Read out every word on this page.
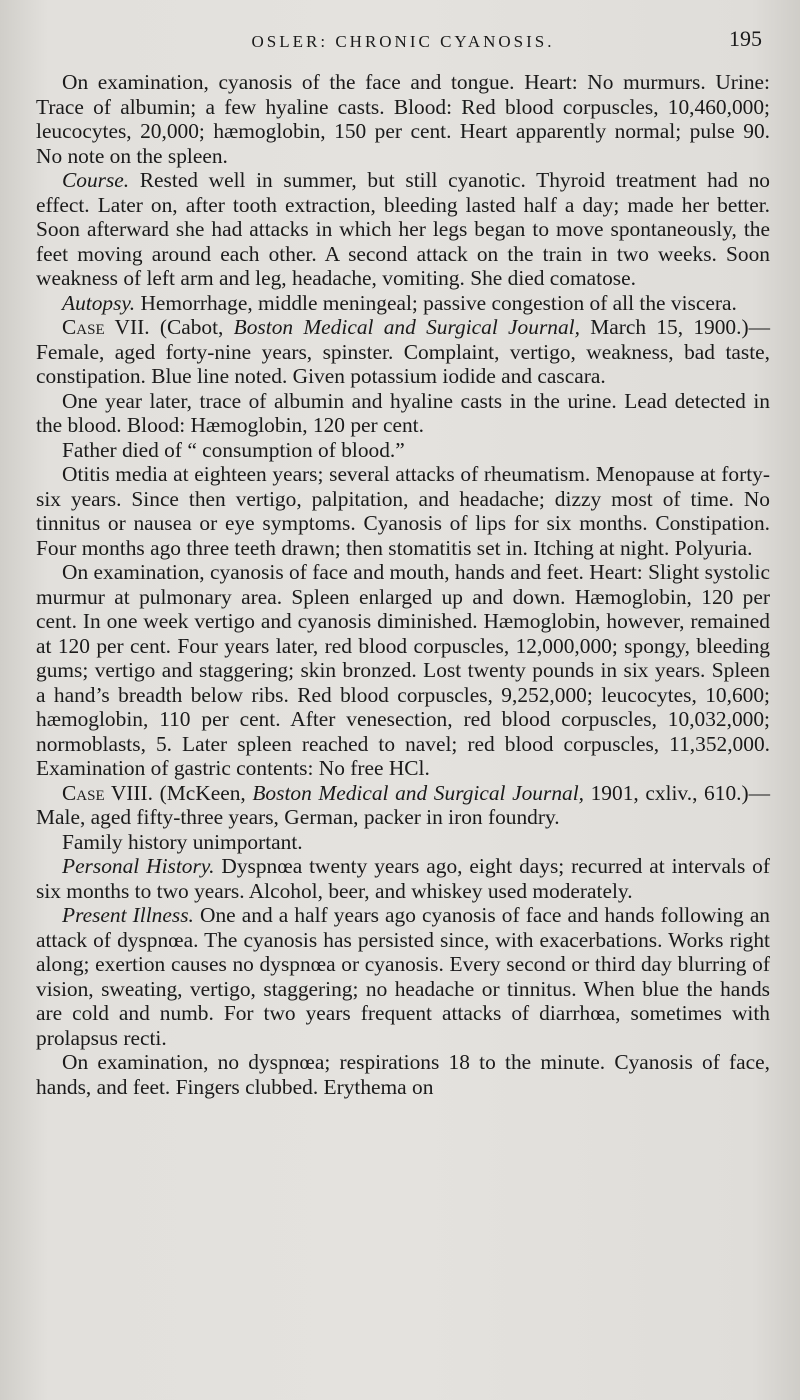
OSLER: CHRONIC CYANOSIS.	195

On examination, cyanosis of the face and tongue. Heart: No murmurs. Urine: Trace of albumin; a few hyaline casts. Blood: Red blood corpuscles, 10,460,000; leucocytes, 20,000; hæmoglobin, 150 per cent. Heart apparently normal; pulse 90. No note on the spleen.

Course. Rested well in summer, but still cyanotic. Thyroid treatment had no effect. Later on, after tooth extraction, bleeding lasted half a day; made her better. Soon afterward she had attacks in which her legs began to move spontaneously, the feet moving around each other. A second attack on the train in two weeks. Soon weakness of left arm and leg, headache, vomiting. She died comatose.

Autopsy. Hemorrhage, middle meningeal; passive congestion of all the viscera.

Case VII. (Cabot, Boston Medical and Surgical Journal, March 15, 1900.)—Female, aged forty-nine years, spinster. Complaint, vertigo, weakness, bad taste, constipation. Blue line noted. Given potassium iodide and cascara.

One year later, trace of albumin and hyaline casts in the urine. Lead detected in the blood. Blood: Hæmoglobin, 120 per cent.

Father died of “ consumption of blood.”

Otitis media at eighteen years; several attacks of rheumatism. Menopause at forty-six years. Since then vertigo, palpitation, and headache; dizzy most of time. No tinnitus or nausea or eye symptoms. Cyanosis of lips for six months. Constipation. Four months ago three teeth drawn; then stomatitis set in. Itching at night. Polyuria.

On examination, cyanosis of face and mouth, hands and feet. Heart: Slight systolic murmur at pulmonary area. Spleen enlarged up and down. Hæmoglobin, 120 per cent. In one week vertigo and cyanosis diminished. Hæmoglobin, however, remained at 120 per cent. Four years later, red blood corpuscles, 12,000,000; spongy, bleeding gums; vertigo and staggering; skin bronzed. Lost twenty pounds in six years. Spleen a hand’s breadth below ribs. Red blood corpuscles, 9,252,000; leucocytes, 10,600; hæmoglobin, 110 per cent. After venesection, red blood corpuscles, 10,032,000; normoblasts, 5. Later spleen reached to navel; red blood corpuscles, 11,352,000. Examination of gastric contents: No free HCl.

Case VIII. (McKeen, Boston Medical and Surgical Journal, 1901, cxliv., 610.)—Male, aged fifty-three years, German, packer in iron foundry.

Family history unimportant.

Personal History. Dyspnœa twenty years ago, eight days; recurred at intervals of six months to two years. Alcohol, beer, and whiskey used moderately.

Present Illness. One and a half years ago cyanosis of face and hands following an attack of dyspnœa. The cyanosis has persisted since, with exacerbations. Works right along; exertion causes no dyspnœa or cyanosis. Every second or third day blurring of vision, sweating, vertigo, staggering; no headache or tinnitus. When blue the hands are cold and numb. For two years frequent attacks of diarrhœa, sometimes with prolapsus recti.

On examination, no dyspnœa; respirations 18 to the minute. Cyanosis of face, hands, and feet. Fingers clubbed. Erythema on
